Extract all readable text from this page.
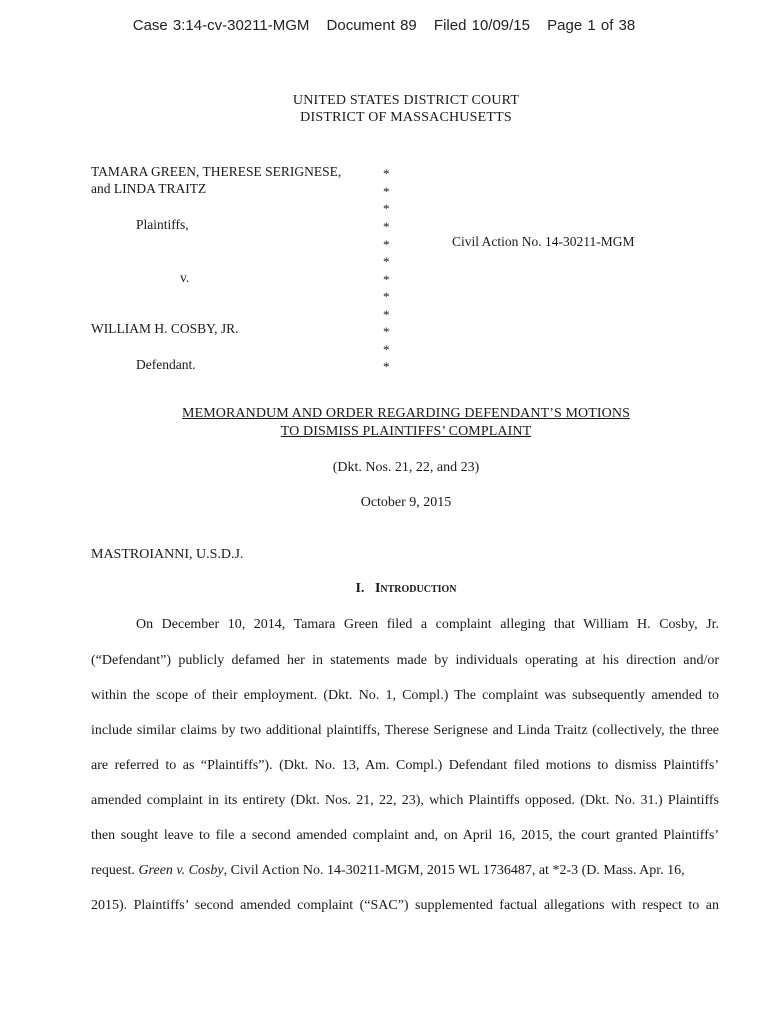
Case 3:14-cv-30211-MGM Document 89 Filed 10/09/15 Page 1 of 38
UNITED STATES DISTRICT COURT
DISTRICT OF MASSACHUSETTS
TAMARA GREEN, THERESE SERIGNESE,
and LINDA TRAITZ
Plaintiffs,
v.
WILLIAM H. COSBY, JR.
Defendant.
Civil Action No. 14-30211-MGM
*
*
*
*
*
*
*
*
*
*
*
*
MEMORANDUM AND ORDER REGARDING DEFENDANT’S MOTIONS
TO DISMISS PLAINTIFFS’ COMPLAINT
(Dkt. Nos. 21, 22, and 23)
October 9, 2015
MASTROIANNI, U.S.D.J.
I. Introduction
On December 10, 2014, Tamara Green filed a complaint alleging that William H. Cosby, Jr.
(“Defendant”) publicly defamed her in statements made by individuals operating at his direction and/or
within the scope of their employment. (Dkt. No. 1, Compl.) The complaint was subsequently amended to
include similar claims by two additional plaintiffs, Therese Serignese and Linda Traitz (collectively, the three
are referred to as “Plaintiffs”). (Dkt. No. 13, Am. Compl.) Defendant filed motions to dismiss Plaintiffs’
amended complaint in its entirety (Dkt. Nos. 21, 22, 23), which Plaintiffs opposed. (Dkt. No. 31.) Plaintiffs
then sought leave to file a second amended complaint and, on April 16, 2015, the court granted Plaintiffs’
request. Green v. Cosby, Civil Action No. 14-30211-MGM, 2015 WL 1736487, at *2-3 (D. Mass. Apr. 16,
2015). Plaintiffs’ second amended complaint (“SAC”) supplemented factual allegations with respect to an
